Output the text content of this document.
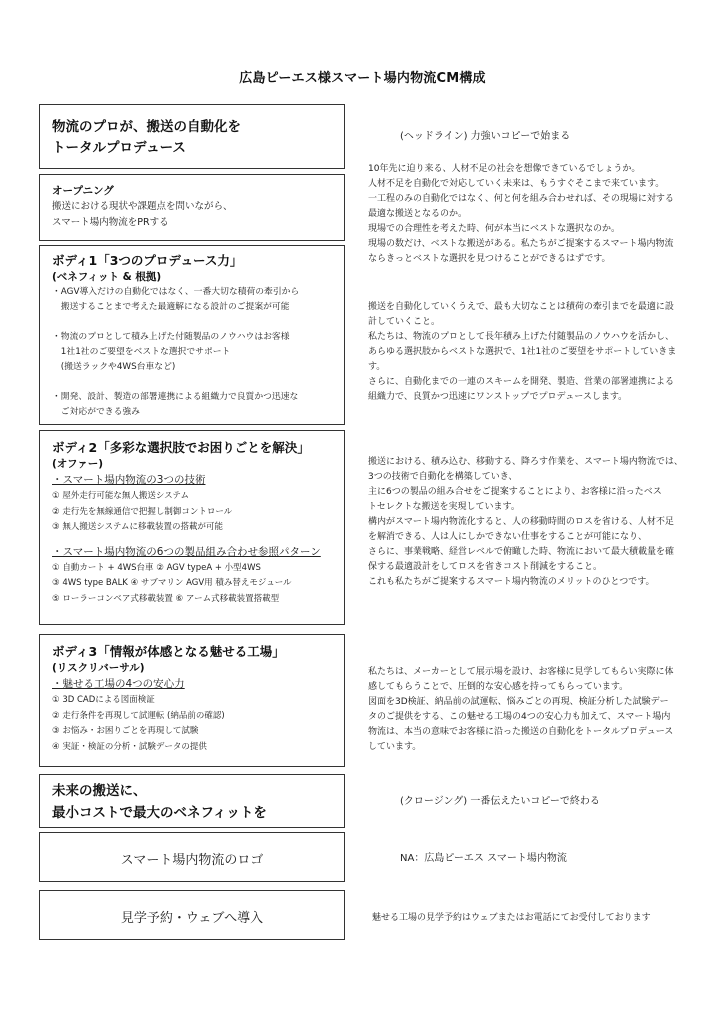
広島ピーエス様スマート場内物流CM構成
物流のプロが、搬送の自動化を
トータルプロデュース
(ヘッドライン) 力強いコピーで始まる
オープニング
搬送における現状や課題点を問いながら、
スマート場内物流をPRする
10年先に迫り来る、人材不足の社会を想像できているでしょうか。
人材不足を自動化で対応していく未来は、もうすぐそこまで来ています。
一工程のみの自動化ではなく、何と何を組み合わせれば、その現場に対する
最適な搬送となるのか。
現場での合理性を考えた時、何が本当にベストな選択なのか。
現場の数だけ、ベストな搬送がある。私たちがご提案するスマート場内物流
ならきっとベストな選択を見つけることができるはずです。
ボディ1「3つのプロデュース力」
(ベネフィット & 根拠)
・AGV導入だけの自動化ではなく、一番大切な積荷の牽引から
　搬送することまで考えた最適解になる設計のご提案が可能

・物流のプロとして積み上げた付随製品のノウハウはお客様
　1社1社のご要望をベストな選択でサポート
　(搬送ラックや4WS台車など)

・開発、設計、製造の部署連携による組織力で良質かつ迅速な
　ご対応ができる強み
搬送を自動化していくうえで、最も大切なことは積荷の牽引までを最適に設
計していくこと。
私たちは、物流のプロとして長年積み上げた付随製品のノウハウを活かし、
あらゆる選択肢からベストな選択で、1社1社のご要望をサポートしていきま
す。
さらに、自動化までの一連のスキームを開発、製造、営業の部署連携による
組織力で、良質かつ迅速にワンストップでプロデュースします。
ボディ2「多彩な選択肢でお困りごとを解決」
(オファー)
・スマート場内物流の3つの技術
① 屋外走行可能な無人搬送システム
② 走行先を無線通信で把握し制御コントロール
③ 無人搬送システムに移載装置の搭載が可能
・スマート場内物流の6つの製品組み合わせ参照パターン
① 自動カート + 4WS台車 ② AGV typeA + 小型4WS
③ 4WS type BALK ④ サブマリン AGV用 積み替えモジュール
⑤ ローラーコンベア式移載装置 ⑥ アーム式移載装置搭載型
搬送における、積み込む、移動する、降ろす作業を、スマート場内物流では、
3つの技術で自動化を構築していき、
主に6つの製品の組み合せをご提案することにより、お客様に沿ったベス
トセレクトな搬送を実現しています。
構内がスマート場内物流化すると、人の移動時間のロスを省ける、人材不足
を解消できる、人は人にしかできない仕事をすることが可能になり、
さらに、事業戦略、経営レベルで俯瞰した時、物流において最大積載量を確
保する最適設計をしてロスを省きコスト削減をすること。
これも私たちがご提案するスマート場内物流のメリットのひとつです。
ボディ3「情報が体感となる魅せる工場」
(リスクリバーサル)
・魅せる工場の4つの安心力
① 3D CADによる図面検証
② 走行条件を再現して試運転 (納品前の確認)
③ お悩み・お困りごとを再現して試験
④ 実証・検証の分析・試験データの提供
私たちは、メーカーとして展示場を設け、お客様に見学してもらい実際に体
感してもらうことで、圧倒的な安心感を持ってもらっています。
図面を3D検証、納品前の試運転、悩みごとの再現、検証分析した試験デー
タのご提供をする、この魅せる工場の4つの安心力も加えて、スマート場内
物流は、本当の意味でお客様に沿った搬送の自動化をトータルプロデュース
しています。
未来の搬送に、
最小コストで最大のベネフィットを
(クロージング) 一番伝えたいコピーで終わる
スマート場内物流のロゴ	NA：広島ピーエス スマート場内物流
見学予約・ウェブへ導入	魅せる工場の見学予約はウェブまたはお電話にてお受付しております
